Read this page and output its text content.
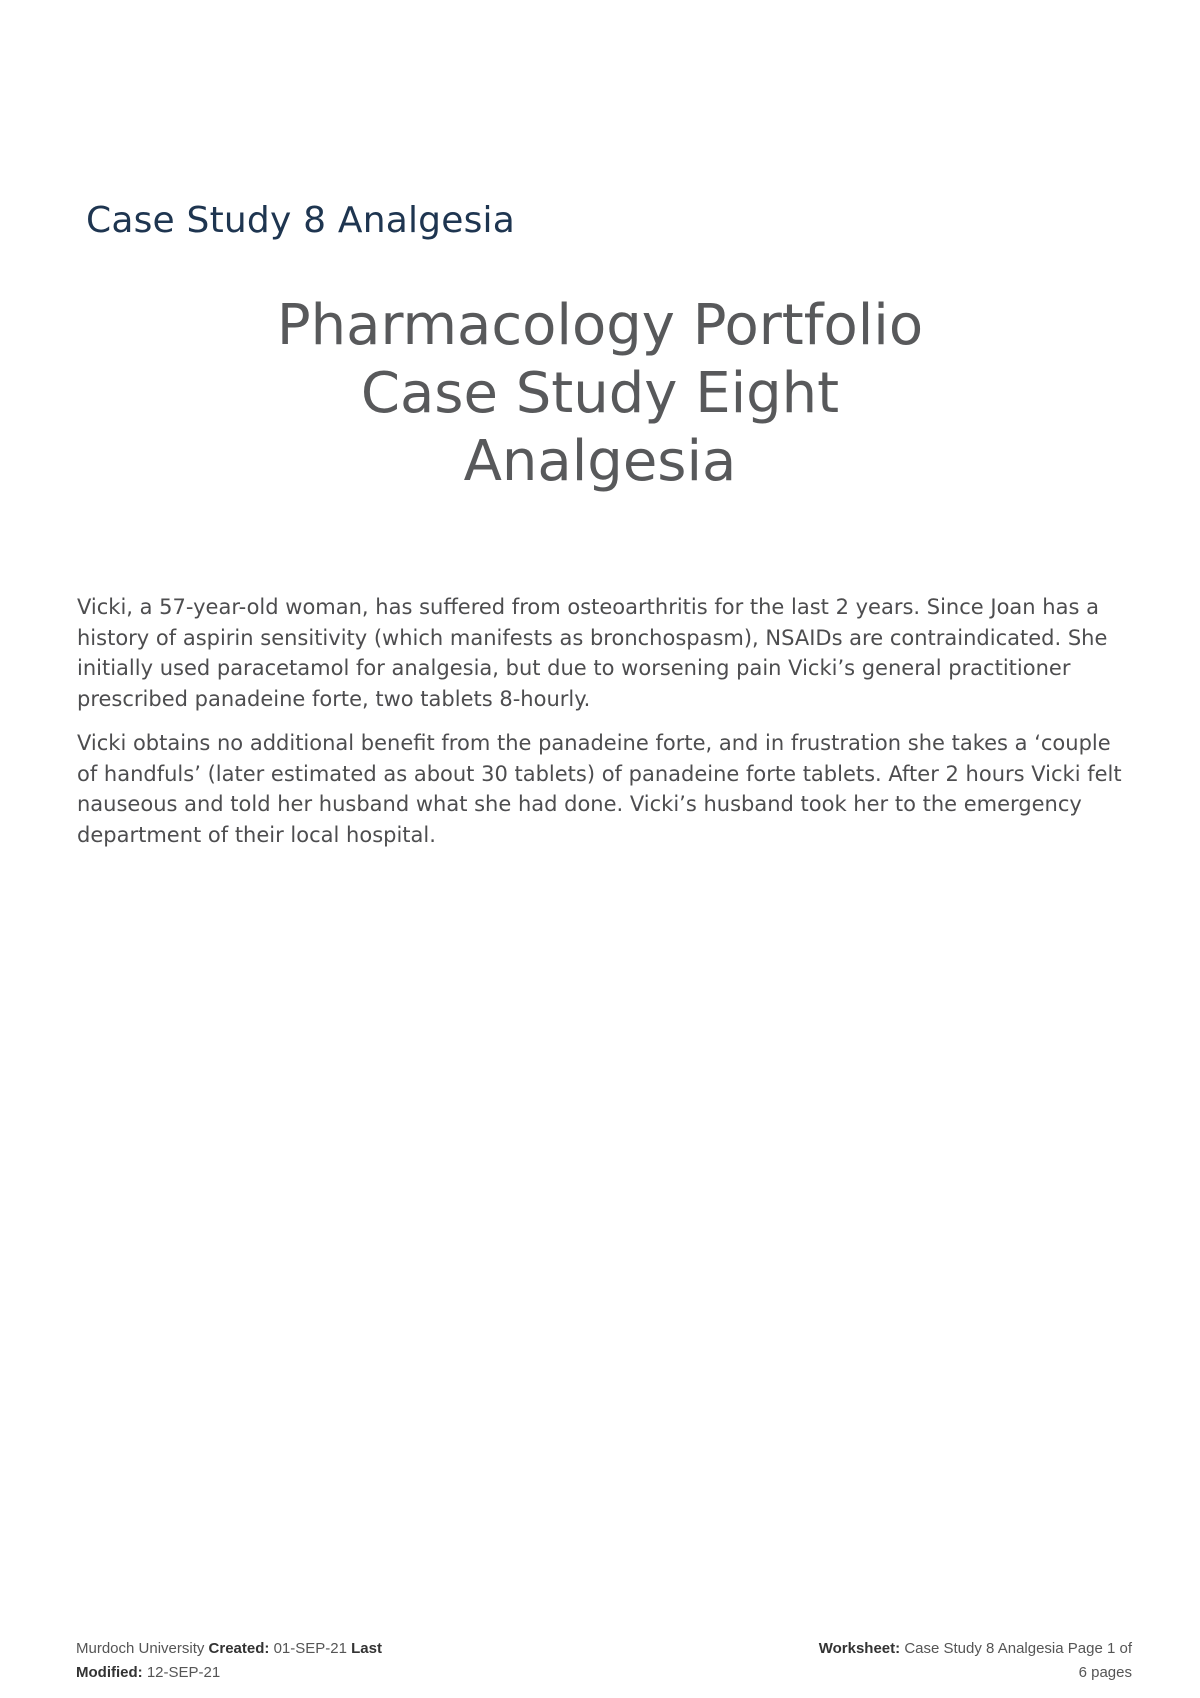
Case Study 8 Analgesia
Pharmacology Portfolio
Case Study Eight
Analgesia

Vicki, a 57-year-old woman, has suffered from osteoarthritis for the last 2 years. Since Joan has a history of aspirin sensitivity (which manifests as bronchospasm), NSAIDs are contraindicated. She initially used paracetamol for analgesia, but due to worsening pain Vicki’s general practitioner prescribed panadeine forte, two tablets 8-hourly.

Vicki obtains no additional benefit from the panadeine forte, and in frustration she takes a ‘couple of handfuls’ (later estimated as about 30 tablets) of panadeine forte tablets. After 2 hours Vicki felt nauseous and told her husband what she had done. Vicki’s husband took her to the emergency department of their local hospital.

Murdoch University Created: 01-SEP-21 Last
Modified: 12-SEP-21
Worksheet: Case Study 8 Analgesia Page 1 of
6 pages
